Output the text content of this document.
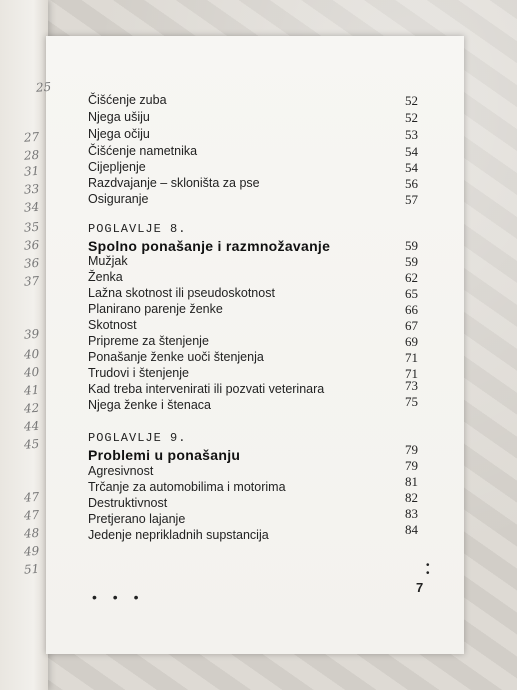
25
27
28
31
33
34
35
36
36
37
39
40
40
41
42
44
45
47
47
48
49
51
Čišćenje zuba	52
Njega ušiju	52
Njega očiju	53
Čišćenje nametnika	54
Cijepljenje	54
Razdvajanje – skloništa za pse	56
Osiguranje	57
POGLAVLJE 8.
Spolno ponašanje i razmnožavanje	59
Mužjak	59
Ženka	62
Lažna skotnost ili pseudoskotnost	65
Planirano parenje ženke	66
Skotnost	67
Pripreme za štenjenje	69
Ponašanje ženke uoči štenjenja	71
Trudovi i štenjenje	71
Kad treba intervenirati ili pozvati veterinara	73
Njega ženke i štenaca	75
POGLAVLJE 9.
Problemi u ponašanju	79
Agresivnost	79
Trčanje za automobilima i motorima	81
Destruktivnost	82
Pretjerano lajanje	83
Jedenje neprikladnih supstancija	84
• • •
•
•
7
